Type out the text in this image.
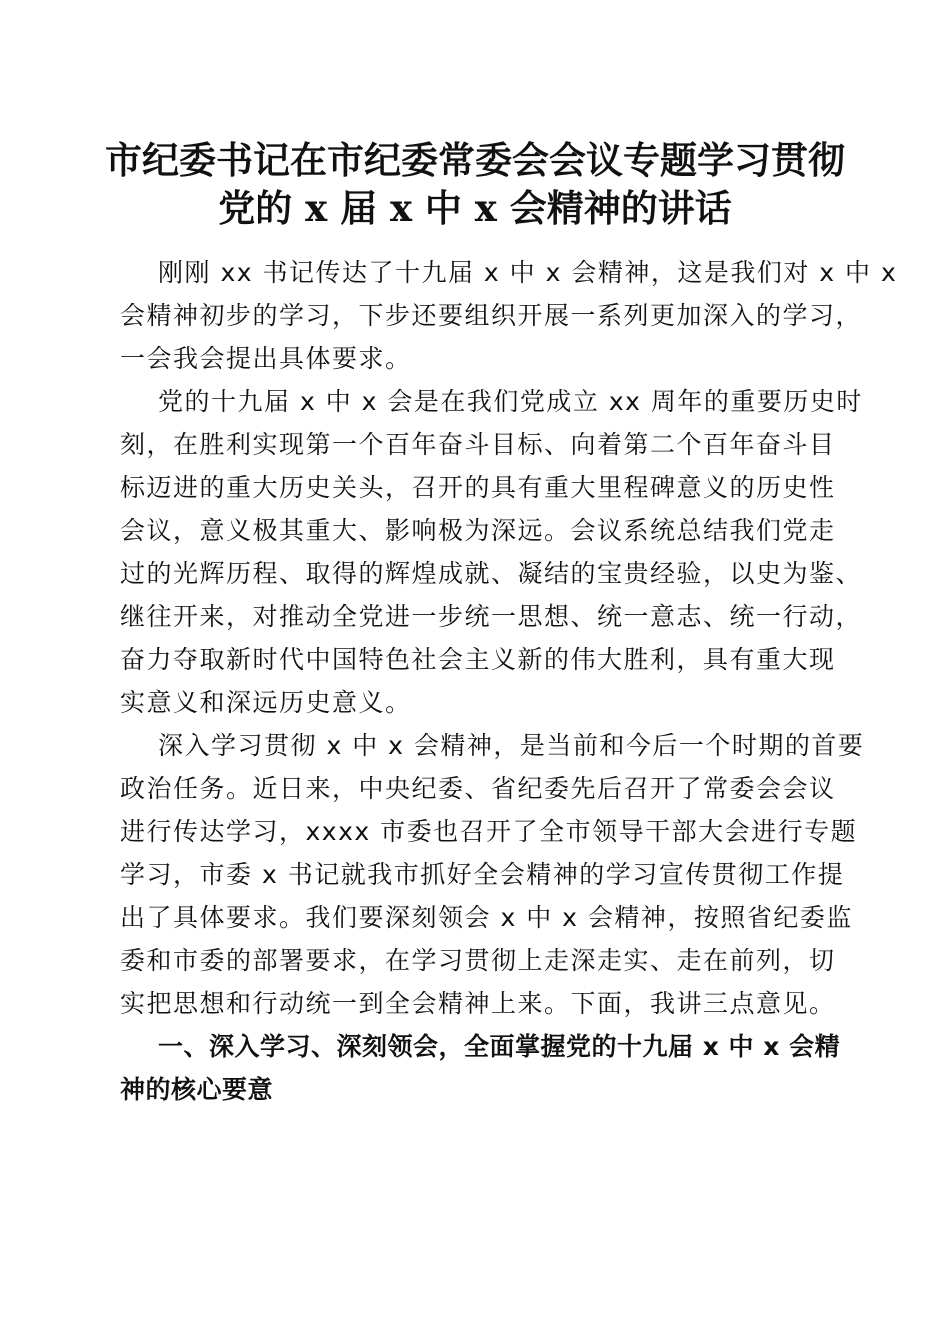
市纪委书记在市纪委常委会会议专题学习贯彻
党的 x 届 x 中 x 会精神的讲话

刚刚 xx 书记传达了十九届 x 中 x 会精神，这是我们对 x 中 x
会精神初步的学习，下步还要组织开展一系列更加深入的学习，
一会我会提出具体要求。

党的十九届 x 中 x 会是在我们党成立 xx 周年的重要历史时
刻，在胜利实现第一个百年奋斗目标、向着第二个百年奋斗目
标迈进的重大历史关头，召开的具有重大里程碑意义的历史性
会议，意义极其重大、影响极为深远。会议系统总结我们党走
过的光辉历程、取得的辉煌成就、凝结的宝贵经验，以史为鉴、
继往开来，对推动全党进一步统一思想、统一意志、统一行动，
奋力夺取新时代中国特色社会主义新的伟大胜利，具有重大现
实意义和深远历史意义。

深入学习贯彻 x 中 x 会精神，是当前和今后一个时期的首要
政治任务。近日来，中央纪委、省纪委先后召开了常委会会议
进行传达学习，xxxx 市委也召开了全市领导干部大会进行专题
学习，市委 x 书记就我市抓好全会精神的学习宣传贯彻工作提
出了具体要求。我们要深刻领会 x 中 x 会精神，按照省纪委监
委和市委的部署要求，在学习贯彻上走深走实、走在前列，切
实把思想和行动统一到全会精神上来。下面，我讲三点意见。

一、深入学习、深刻领会，全面掌握党的十九届 x 中 x 会精
神的核心要意
